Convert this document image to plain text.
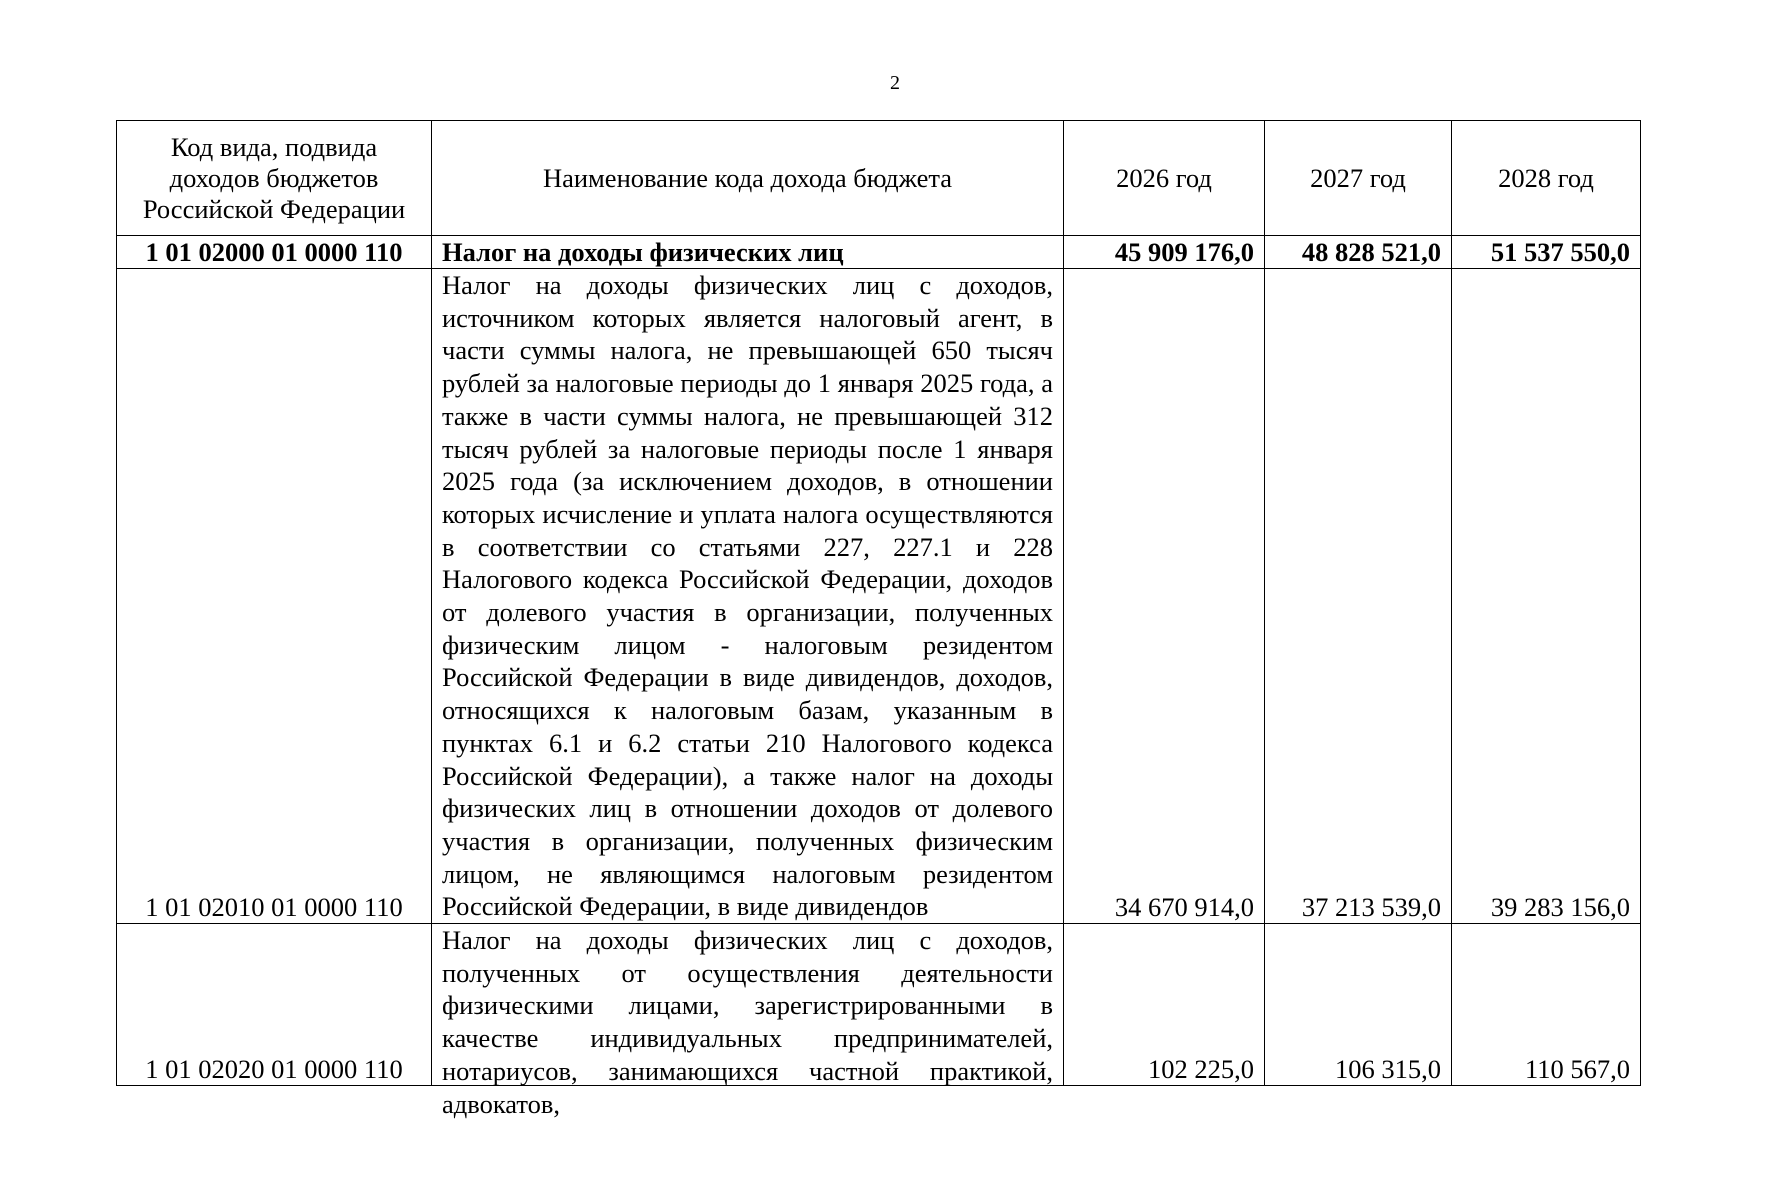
2
Код вида, подвида доходов бюджетов Российской Федерации	Наименование кода дохода бюджета	2026 год	2027 год	2028 год
1 01 02000 01 0000 110	Налог на доходы физических лиц	45 909 176,0	48 828 521,0	51 537 550,0
1 01 02010 01 0000 110	Налог на доходы физических лиц с доходов, источником которых является налоговый агент, в части суммы налога, не превышающей 650 тысяч рублей за налоговые периоды до 1 января 2025 года, а также в части суммы налога, не превышающей 312 тысяч рублей за налоговые периоды после 1 января 2025 года (за исключением доходов, в отношении которых исчисление и уплата налога осуществляются в соответствии со статьями 227, 227.1 и 228 Налогового кодекса Российской Федерации, доходов от долевого участия в организации, полученных физическим лицом - налоговым резидентом Российской Федерации в виде дивидендов, доходов, относящихся к налоговым базам, указанным в пунктах 6.1 и 6.2 статьи 210 Налогового кодекса Российской Федерации), а также налог на доходы физических лиц в отношении доходов от долевого участия в организации, полученных физическим лицом, не являющимся налоговым резидентом Российской Федерации, в виде дивидендов	34 670 914,0	37 213 539,0	39 283 156,0
1 01 02020 01 0000 110	Налог на доходы физических лиц с доходов, полученных от осуществления деятельности физическими лицами, зарегистрированными в качестве индивидуальных предпринимателей, нотариусов, занимающихся частной практикой, адвокатов,	102 225,0	106 315,0	110 567,0
